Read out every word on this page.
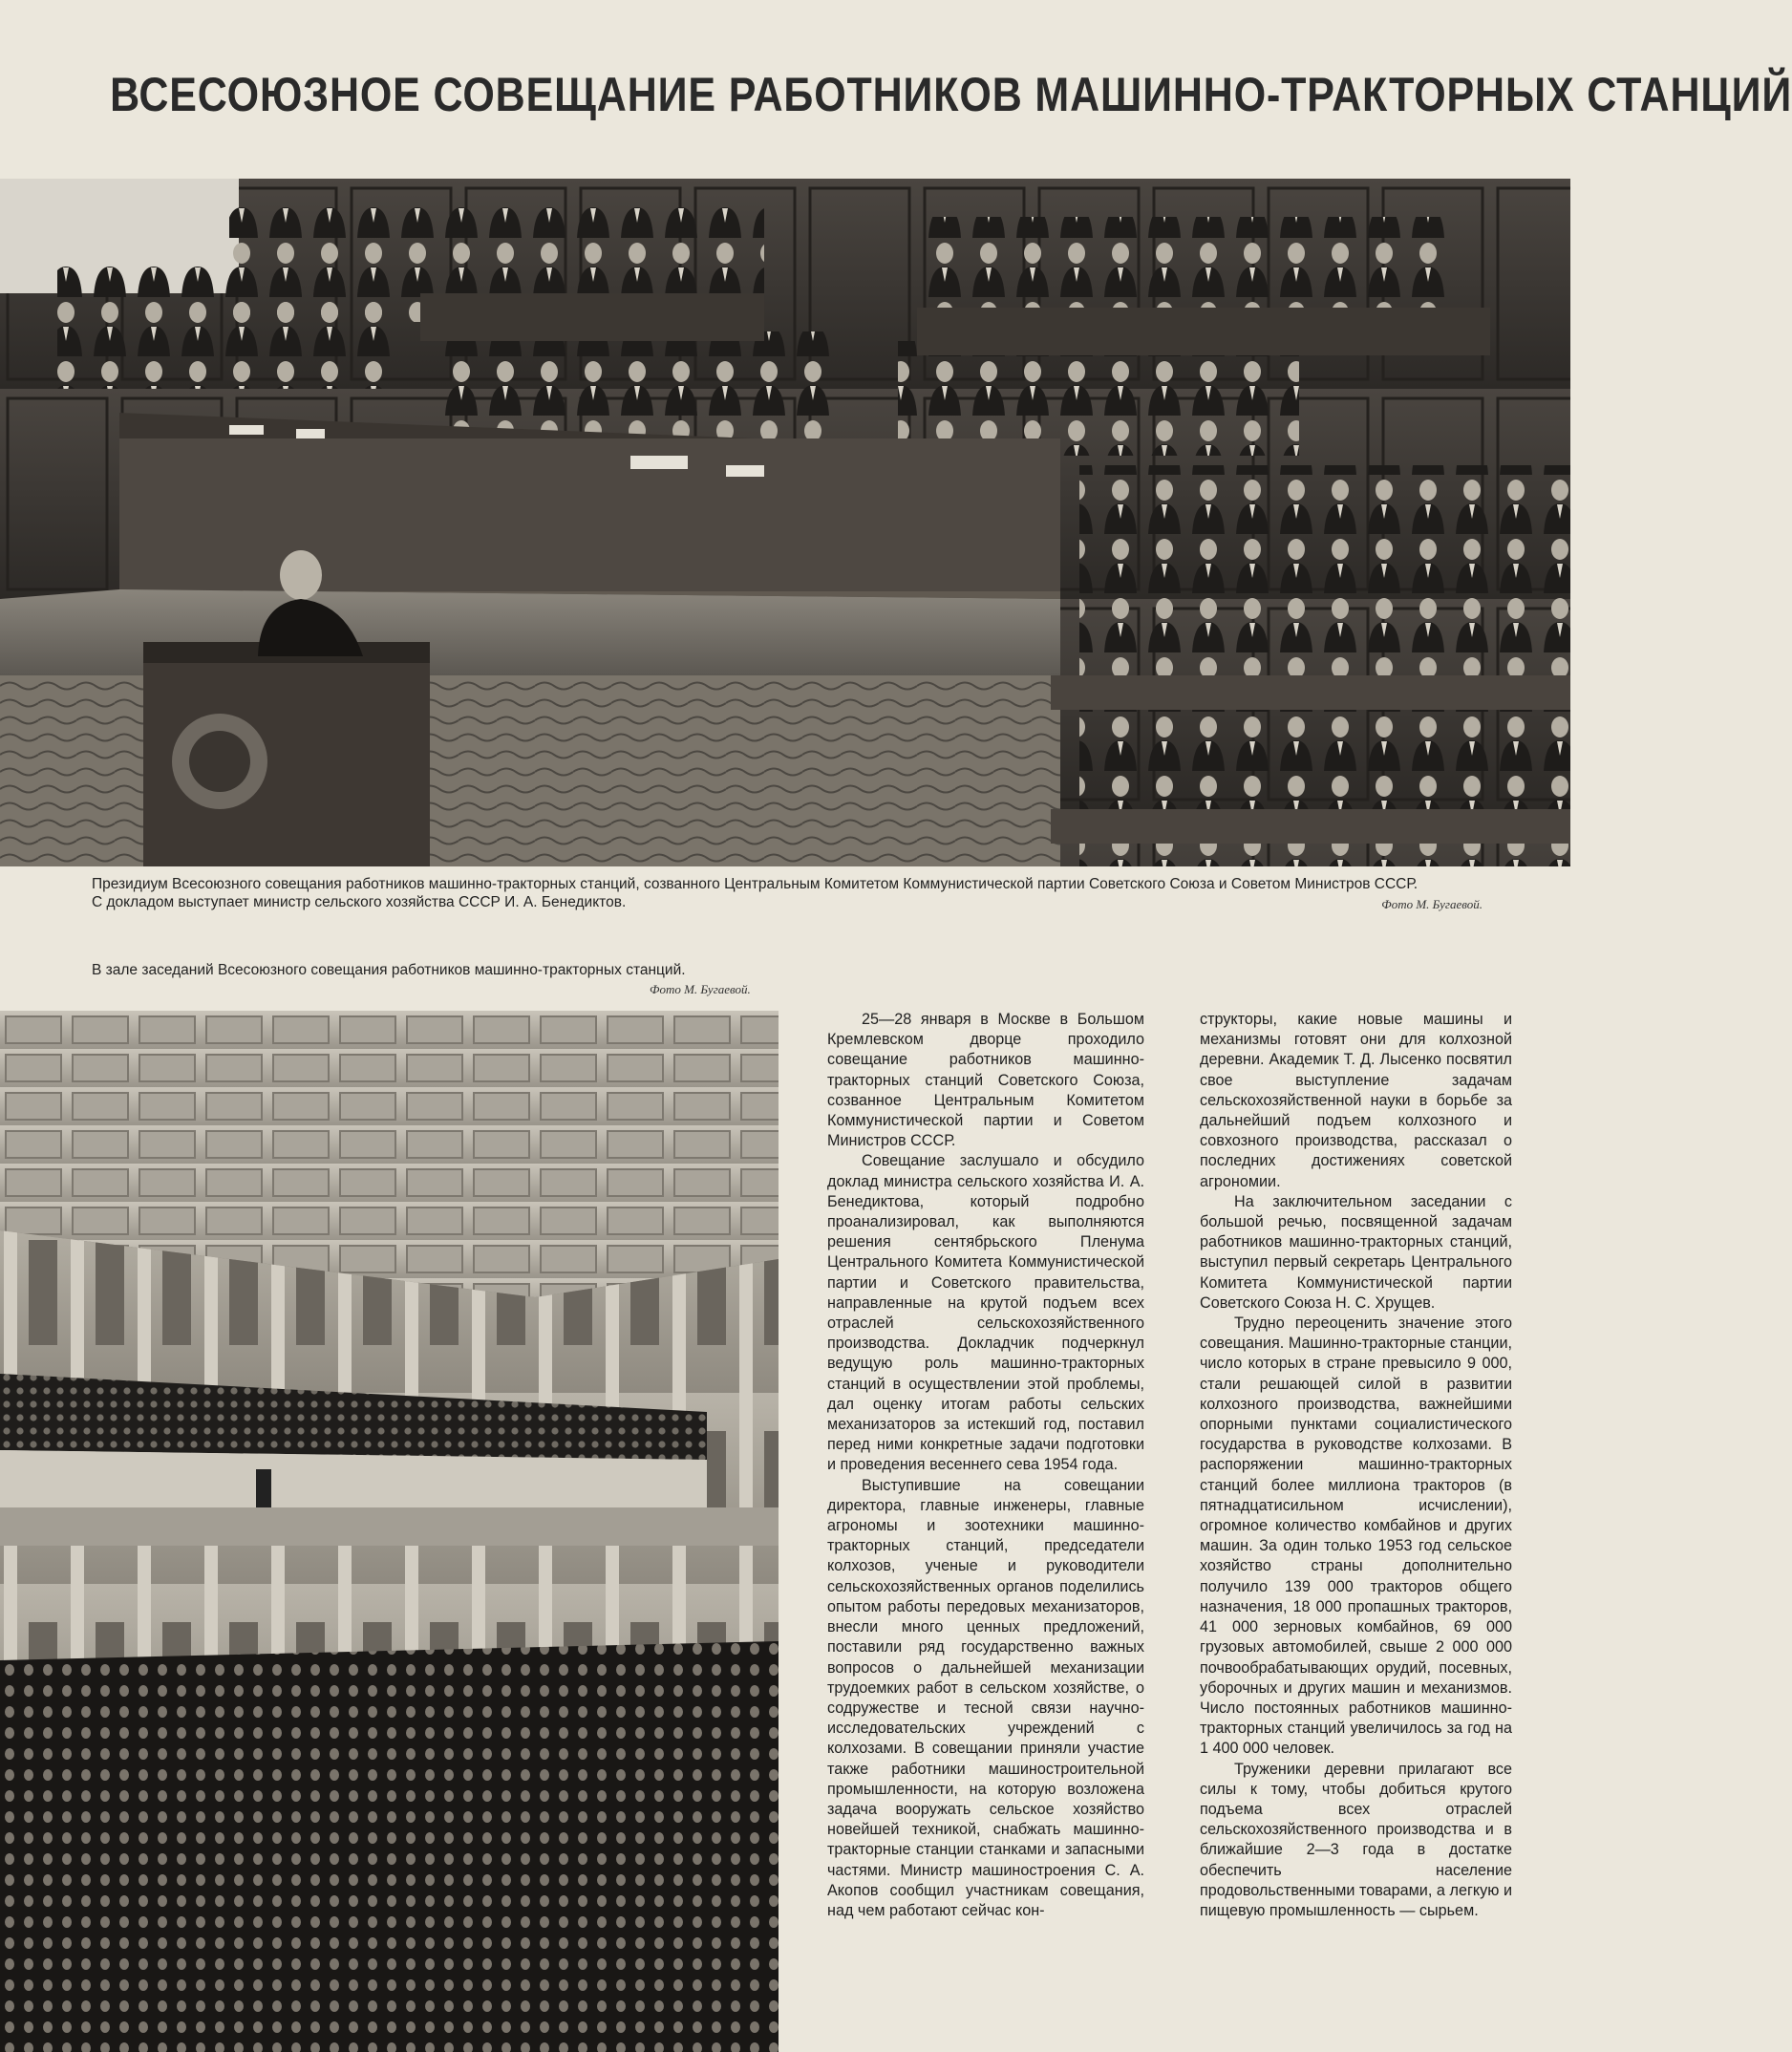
ВСЕСОЮЗНОЕ СОВЕЩАНИЕ РАБОТНИКОВ МАШИННО-ТРАКТОРНЫХ СТАНЦИЙ
Президиум Всесоюзного совещания работников машинно-тракторных станций, созванного Центральным Комитетом Коммунистической партии Советского Союза и Советом Министров СССР.
С докладом выступает министр сельского хозяйства СССР И. А. Бенедиктов.	Фото М. Бугаевой.
В зале заседаний Всесоюзного совещания работников машинно-тракторных станций.
Фото М. Бугаевой.

25—28 января в Москве в Большом Кремлевском дворце проходило совещание работников машинно-тракторных станций Советского Союза, созванное Центральным Комитетом Коммунистической партии и Советом Министров СССР.

Совещание заслушало и обсудило доклад министра сельского хозяйства И. А. Бенедиктова, который подробно проанализировал, как выполняются решения сентябрьского Пленума Центрального Комитета Коммунистической партии и Советского правительства, направленные на крутой подъем всех отраслей сельскохозяйственного производства. Докладчик подчеркнул ведущую роль машинно-тракторных станций в осуществлении этой проблемы, дал оценку итогам работы сельских механизаторов за истекший год, поставил перед ними конкретные задачи подготовки и проведения весеннего сева 1954 года.

Выступившие на совещании директора, главные инженеры, главные агрономы и зоотехники машинно-тракторных станций, председатели колхозов, ученые и руководители сельскохозяйственных органов поделились опытом работы передовых механизаторов, внесли много ценных предложений, поставили ряд государственно важных вопросов о дальнейшей механизации трудоемких работ в сельском хозяйстве, о содружестве и тесной связи научно-исследовательских учреждений с колхозами. В совещании приняли участие также работники машиностроительной промышленности, на которую возложена задача вооружать сельское хозяйство новейшей техникой, снабжать машинно-тракторные станции станками и запасными частями. Министр машиностроения С. А. Акопов сообщил участникам совещания, над чем работают сейчас кон-

структоры, какие новые машины и механизмы готовят они для колхозной деревни. Академик Т. Д. Лысенко посвятил свое выступление задачам сельскохозяйственной науки в борьбе за дальнейший подъем колхозного и совхозного производства, рассказал о последних достижениях советской агрономии.

На заключительном заседании с большой речью, посвященной задачам работников машинно-тракторных станций, выступил первый секретарь Центрального Комитета Коммунистической партии Советского Союза Н. С. Хрущев.

Трудно переоценить значение этого совещания. Машинно-тракторные станции, число которых в стране превысило 9 000, стали решающей силой в развитии колхозного производства, важнейшими опорными пунктами социалистического государства в руководстве колхозами. В распоряжении машинно-тракторных станций более миллиона тракторов (в пятнадцатисильном исчислении), огромное количество комбайнов и других машин. За один только 1953 год сельское хозяйство страны дополнительно получило 139 000 тракторов общего назначения, 18 000 пропашных тракторов, 41 000 зерновых комбайнов, 69 000 грузовых автомобилей, свыше 2 000 000 почвообрабатывающих орудий, посевных, уборочных и других машин и механизмов. Число постоянных работников машинно-тракторных станций увеличилось за год на 1 400 000 человек.

Труженики деревни прилагают все силы к тому, чтобы добиться крутого подъема всех отраслей сельскохозяйственного производства и в ближайшие 2—3 года в достатке обеспечить население продовольственными товарами, а легкую и пищевую промышленность — сырьем.
